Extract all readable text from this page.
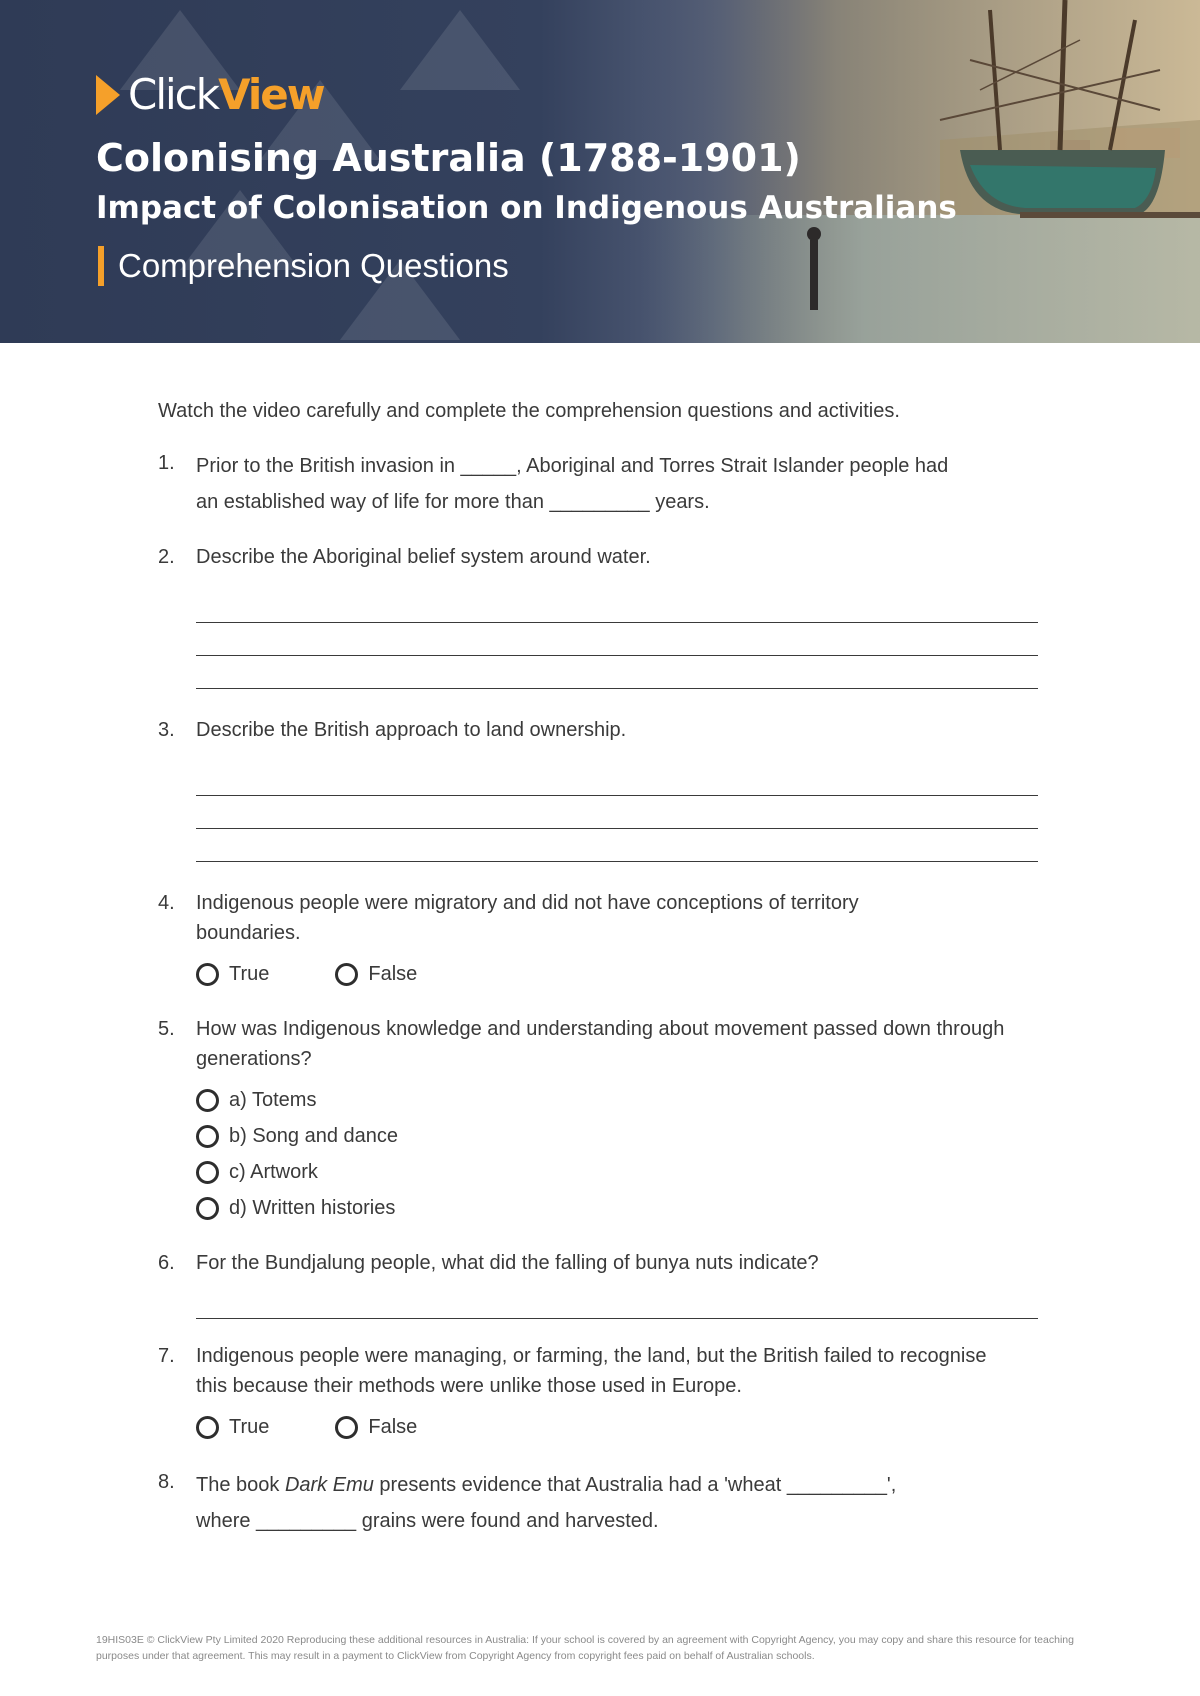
Click View
Colonising Australia (1788-1901)
Impact of Colonisation on Indigenous Australians
Comprehension Questions

Watch the video carefully and complete the comprehension questions and activities.

1. Prior to the British invasion in _____, Aboriginal and Torres Strait Islander people had
an established way of life for more than _________ years.
2. Describe the Aboriginal belief system around water.
3. Describe the British approach to land ownership.
4. Indigenous people were migratory and did not have conceptions of territory boundaries.
True	False
5. How was Indigenous knowledge and understanding about movement passed down through generations?
a) Totems
b) Song and dance
c) Artwork
d) Written histories
6. For the Bundjalung people, what did the falling of bunya nuts indicate?
7. Indigenous people were managing, or farming, the land, but the British failed to recognise this because their methods were unlike those used in Europe.
True	False
8. The book Dark Emu presents evidence that Australia had a 'wheat _________',
where _________ grains were found and harvested.
19HIS03E © ClickView Pty Limited 2020 Reproducing these additional resources in Australia: If your school is covered by an agreement with Copyright Agency, you may copy and share this resource for teaching purposes under that agreement. This may result in a payment to ClickView from Copyright Agency from copyright fees paid on behalf of Australian schools.
